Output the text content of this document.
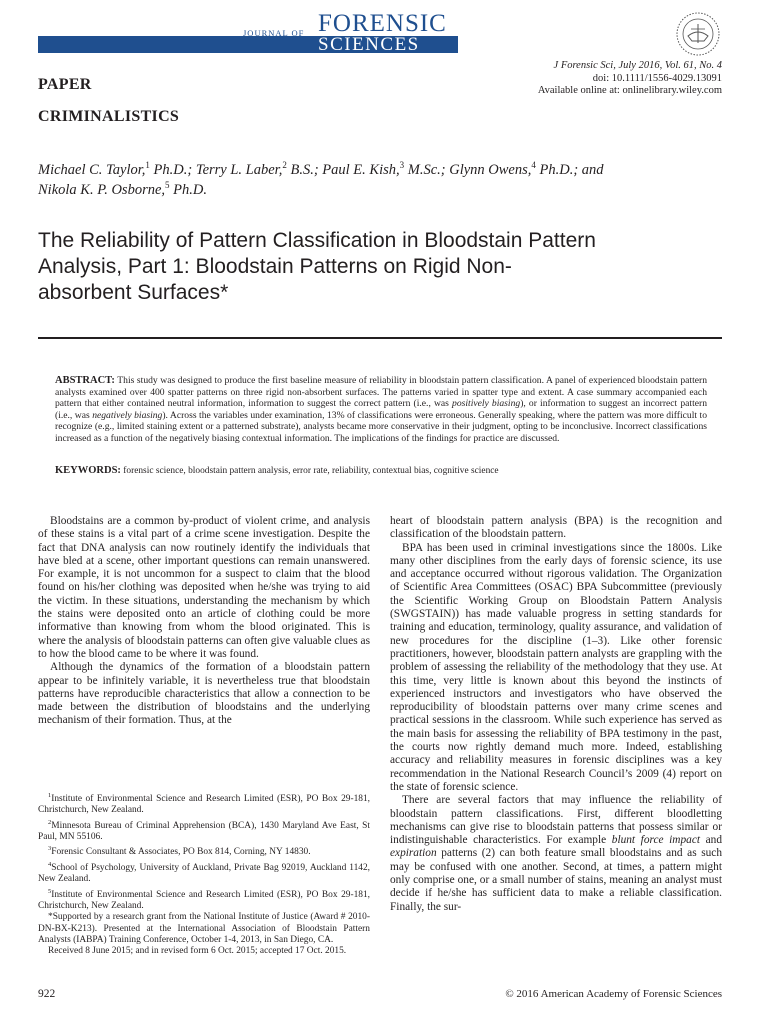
JOURNAL OF FORENSIC
SCIENCES
J Forensic Sci, July 2016, Vol. 61, No. 4
doi: 10.1111/1556-4029.13091
Available online at: onlinelibrary.wiley.com
PAPER
CRIMINALISTICS
Michael C. Taylor,$^1$ Ph.D.; Terry L. Laber,$^2$ B.S.; Paul E. Kish,$^3$ M.Sc.; Glynn Owens,$^4$ Ph.D.; and
Nikola K. P. Osborne,$^5$ Ph.D.
The Reliability of Pattern Classification in Bloodstain Pattern Analysis, Part 1: Bloodstain Patterns on Rigid Non-absorbent Surfaces*
ABSTRACT: This study was designed to produce the first baseline measure of reliability in bloodstain pattern classification. A panel of experienced bloodstain pattern analysts examined over 400 spatter patterns on three rigid non-absorbent surfaces. The patterns varied in spatter type and extent. A case summary accompanied each pattern that either contained neutral information, information to suggest the correct pattern (i.e., was positively biasing), or information to suggest an incorrect pattern (i.e., was negatively biasing). Across the variables under examination, 13% of classifications were erroneous. Generally speaking, where the pattern was more difficult to recognize (e.g., limited staining extent or a patterned substrate), analysts became more conservative in their judgment, opting to be inconclusive. Incorrect classifications increased as a function of the negatively biasing contextual information. The implications of the findings for practice are discussed.
KEYWORDS: forensic science, bloodstain pattern analysis, error rate, reliability, contextual bias, cognitive science

Bloodstains are a common by-product of violent crime, and analysis of these stains is a vital part of a crime scene investigation. Despite the fact that DNA analysis can now routinely identify the individuals that have bled at a scene, other important questions can remain unanswered. For example, it is not uncommon for a suspect to claim that the blood found on his/her clothing was deposited when he/she was trying to aid the victim. In these situations, understanding the mechanism by which the stains were deposited onto an article of clothing could be more informative than knowing from whom the blood originated. This is where the analysis of bloodstain patterns can often give valuable clues as to how the blood came to be where it was found.

Although the dynamics of the formation of a bloodstain pattern appear to be infinitely variable, it is nevertheless true that bloodstain patterns have reproducible characteristics that allow a connection to be made between the distribution of bloodstains and the underlying mechanism of their formation. Thus, at the

heart of bloodstain pattern analysis (BPA) is the recognition and classification of the bloodstain pattern.

BPA has been used in criminal investigations since the 1800s. Like many other disciplines from the early days of forensic science, its use and acceptance occurred without rigorous validation. The Organization of Scientific Area Committees (OSAC) BPA Subcommittee (previously the Scientific Working Group on Bloodstain Pattern Analysis (SWGSTAIN)) has made valuable progress in setting standards for training and education, terminology, quality assurance, and validation of new procedures for the discipline (1–3). Like other forensic practitioners, however, bloodstain pattern analysts are grappling with the problem of assessing the reliability of the methodology that they use. At this time, very little is known about this beyond the instincts of experienced instructors and investigators who have observed the reproducibility of bloodstain patterns over many crime scenes and practical sessions in the classroom. While such experience has served as the main basis for assessing the reliability of BPA testimony in the past, the courts now rightly demand much more. Indeed, establishing accuracy and reliability measures in forensic disciplines was a key recommendation in the National Research Council’s 2009 (4) report on the state of forensic science.

There are several factors that may influence the reliability of bloodstain pattern classifications. First, different bloodletting mechanisms can give rise to bloodstain patterns that possess similar or indistinguishable characteristics. For example blunt force impact and expiration patterns (2) can both feature small bloodstains and as such may be confused with one another. Second, at times, a pattern might only comprise one, or a small number of stains, meaning an analyst must decide if he/she has sufficient data to make a reliable classification. Finally, the sur-

$^1$Institute of Environmental Science and Research Limited (ESR), PO Box 29-181, Christchurch, New Zealand.

$^2$Minnesota Bureau of Criminal Apprehension (BCA), 1430 Maryland Ave East, St Paul, MN 55106.

$^3$Forensic Consultant & Associates, PO Box 814, Corning, NY 14830.

$^4$School of Psychology, University of Auckland, Private Bag 92019, Auckland 1142, New Zealand.

$^5$Institute of Environmental Science and Research Limited (ESR), PO Box 29-181, Christchurch, New Zealand.

*Supported by a research grant from the National Institute of Justice (Award # 2010-DN-BX-K213). Presented at the International Association of Bloodstain Pattern Analysts (IABPA) Training Conference, October 1-4, 2013, in San Diego, CA.

Received 8 June 2015; and in revised form 6 Oct. 2015; accepted 17 Oct. 2015.

922	© 2016 American Academy of Forensic Sciences
